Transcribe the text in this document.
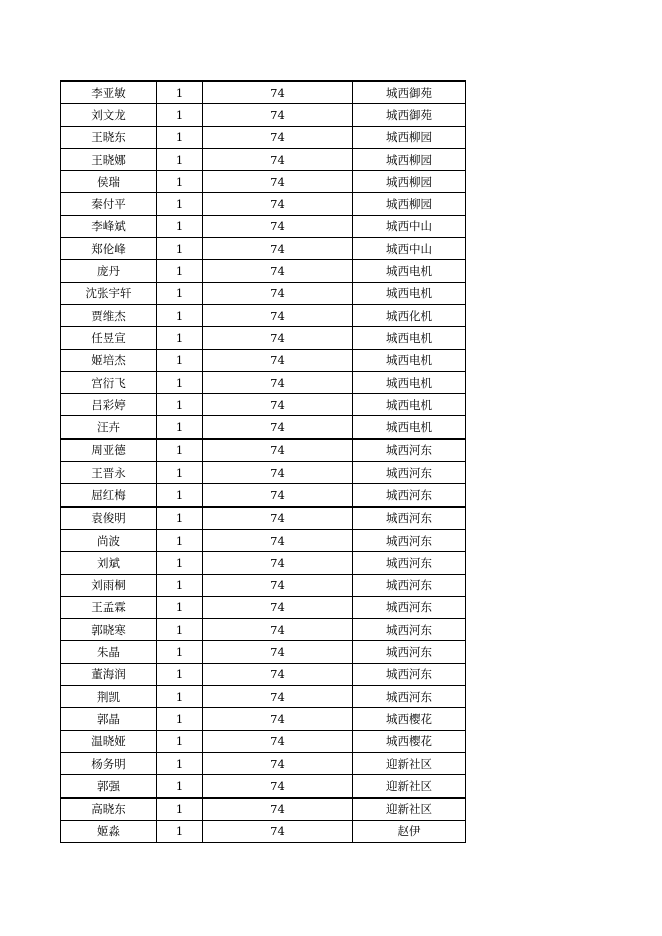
李亚敏	1	74	城西御苑
刘文龙	1	74	城西御苑
王晓东	1	74	城西柳园
王晓娜	1	74	城西柳园
侯瑞	1	74	城西柳园
秦付平	1	74	城西柳园
李峰斌	1	74	城西中山
郑伦峰	1	74	城西中山
庞丹	1	74	城西电机
沈张宇轩	1	74	城西电机
贾维杰	1	74	城西化机
任昱宣	1	74	城西电机
姬培杰	1	74	城西电机
宫衍飞	1	74	城西电机
吕彩婷	1	74	城西电机
汪卉	1	74	城西电机
周亚德	1	74	城西河东
王晋永	1	74	城西河东
屈红梅	1	74	城西河东
袁俊明	1	74	城西河东
尚波	1	74	城西河东
刘斌	1	74	城西河东
刘雨桐	1	74	城西河东
王孟霖	1	74	城西河东
郭晓寒	1	74	城西河东
朱晶	1	74	城西河东
董海润	1	74	城西河东
荆凯	1	74	城西河东
郭晶	1	74	城西樱花
温晓娅	1	74	城西樱花
杨务明	1	74	迎新社区
郭强	1	74	迎新社区
高晓东	1	74	迎新社区
姬淼	1	74	赵伊
